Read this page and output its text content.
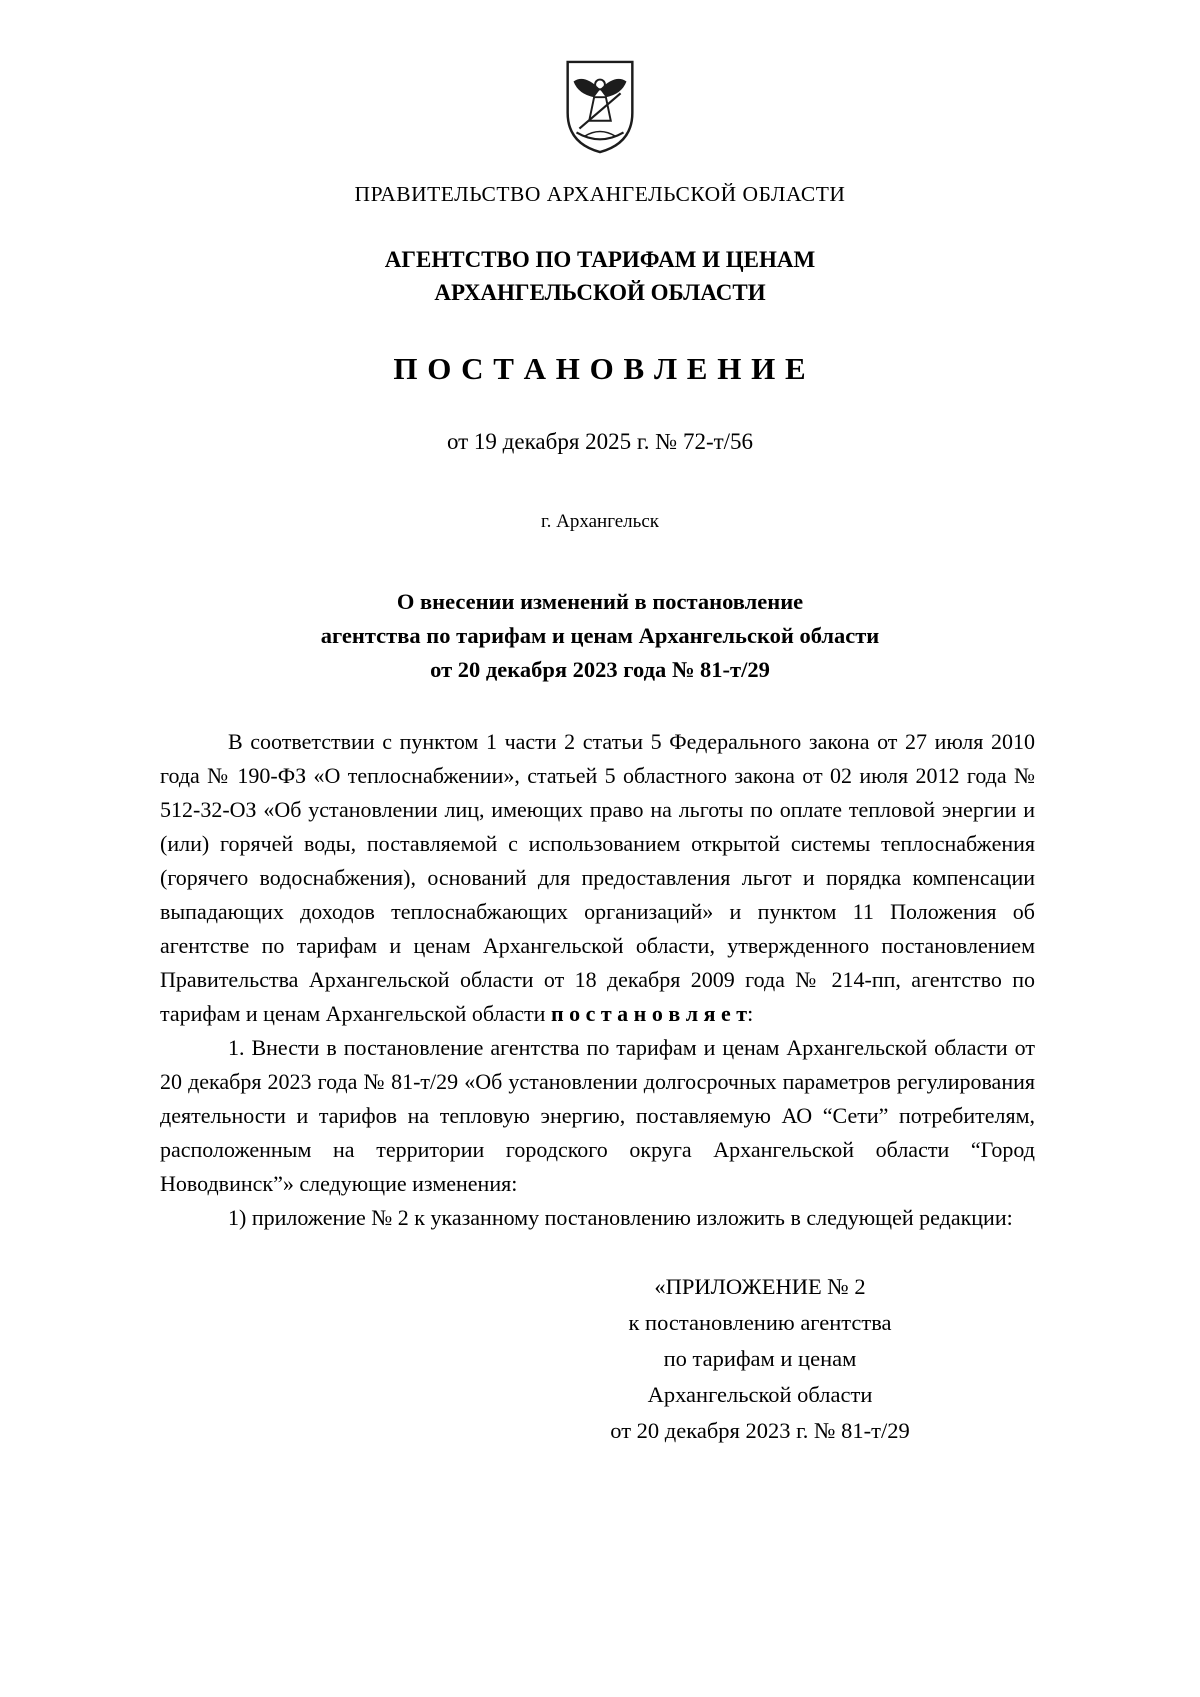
ПРАВИТЕЛЬСТВО АРХАНГЕЛЬСКОЙ ОБЛАСТИ
АГЕНТСТВО ПО ТАРИФАМ И ЦЕНАМ
АРХАНГЕЛЬСКОЙ ОБЛАСТИ
П О С Т А Н О В Л Е Н И Е
от 19 декабря 2025 г. № 72-т/56
г. Архангельск
О внесении изменений в постановление
агентства по тарифам и ценам Архангельской области
от 20 декабря 2023 года № 81-т/29

В соответствии с пунктом 1 части 2 статьи 5 Федерального закона от 27 июля 2010 года № 190-ФЗ «О теплоснабжении», статьей 5 областного закона от 02 июля 2012 года № 512-32-ОЗ «Об установлении лиц, имеющих право на льготы по оплате тепловой энергии и (или) горячей воды, поставляемой с использованием открытой системы теплоснабжения (горячего водоснабжения), оснований для предоставления льгот и порядка компенсации выпадающих доходов теплоснабжающих организаций» и пунктом 11 Положения об агентстве по тарифам и ценам Архангельской области, утвержденного постановлением Правительства Архангельской области от 18 декабря 2009 года № 214-пп, агентство по тарифам и ценам Архангельской области п о с т а н о в л я е т:

1. Внести в постановление агентства по тарифам и ценам Архангельской области от 20 декабря 2023 года № 81-т/29 «Об установлении долгосрочных параметров регулирования деятельности и тарифов на тепловую энергию, поставляемую АО “Сети” потребителям, расположенным на территории городского округа Архангельской области “Город Новодвинск”» следующие изменения:

1) приложение № 2 к указанному постановлению изложить в следующей редакции:

«ПРИЛОЖЕНИЕ № 2
к постановлению агентства
по тарифам и ценам
Архангельской области
от 20 декабря 2023 г. № 81-т/29
